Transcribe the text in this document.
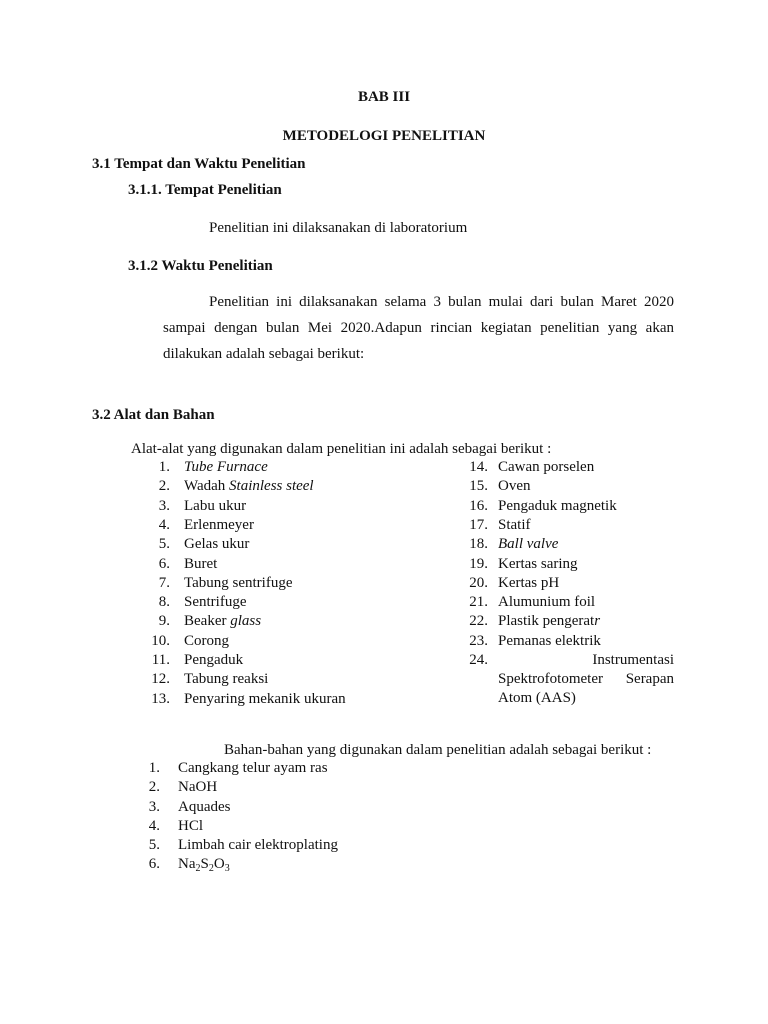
BAB III
METODELOGI PENELITIAN
3.1 Tempat dan Waktu Penelitian
3.1.1. Tempat Penelitian
Penelitian ini dilaksanakan di laboratorium
3.1.2 Waktu Penelitian
Penelitian ini dilaksanakan selama 3 bulan mulai dari bulan Maret 2020
sampai dengan bulan Mei 2020.Adapun rincian kegiatan penelitian yang akan
dilakukan adalah sebagai berikut:
3.2 Alat dan Bahan
Alat-alat yang digunakan dalam penelitian ini adalah sebagai berikut :
1. Tube Furnace
2. Wadah Stainless steel
3. Labu ukur
4. Erlenmeyer
5. Gelas ukur
6. Buret
7. Tabung sentrifuge
8. Sentrifuge
9. Beaker glass
10. Corong
11. Pengaduk
12. Tabung reaksi
13. Penyaring mekanik ukuran
14. Cawan porselen
15. Oven
16. Pengaduk magnetik
17. Statif
18. Ball valve
19. Kertas saring
20. Kertas pH
21. Alumunium foil
22. Plastik pengeratr
23. Pemanas elektrik
24.	Instrumentasi
Spektrofotometer Serapan
Atom (AAS)
Bahan-bahan yang digunakan dalam penelitian adalah sebagai berikut :
1. Cangkang telur ayam ras
2. NaOH
3. Aquades
4. HCl
5. Limbah cair elektroplating
6. $Na_2S_2O_3$
